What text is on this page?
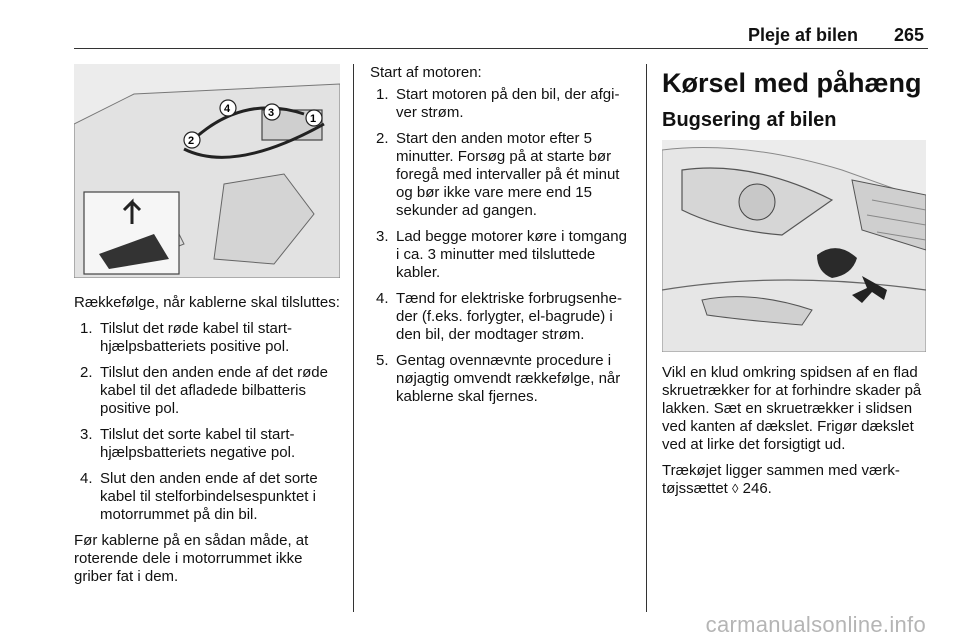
Pleje af bilen 265
4	3	1
2

Rækkefølge, når kablerne skal tilsluttes:

1. Tilslut det røde kabel til starthjælpsbatteriets positive pol.
2. Tilslut den anden ende af det røde kabel til det afladede bilbatteris positive pol.
3. Tilslut det sorte kabel til starthjælpsbatteriets negative pol.
4. Slut den anden ende af det sorte kabel til stelforbindelsespunktet i motorrummet på din bil.

Før kablerne på en sådan måde, at roterende dele i motorrummet ikke griber fat i dem.

Start af motoren:

1. Start motoren på den bil, der afgiver strøm.
2. Start den anden motor efter 5 minutter. Forsøg på at starte bør foregå med intervaller på ét minut og bør ikke vare mere end 15 sekunder ad gangen.
3. Lad begge motorer køre i tomgang i ca. 3 minutter med tilsluttede kabler.
4. Tænd for elektriske forbrugsenheder (f.eks. forlygter, el-bagrude) i den bil, der modtager strøm.
5. Gentag ovennævnte procedure i nøjagtig omvendt rækkefølge, når kablerne skal fjernes.
Kørsel med påhæng
Bugsering af bilen

Vikl en klud omkring spidsen af en flad skruetrækker for at forhindre skader på lakken. Sæt en skruetrækker i slidsen ved kanten af dækslet. Frigør dækslet ved at lirke det forsigtigt ud.

Trækøjet ligger sammen med værktøjssættet ◊ 246.

carmanualsonline.info
